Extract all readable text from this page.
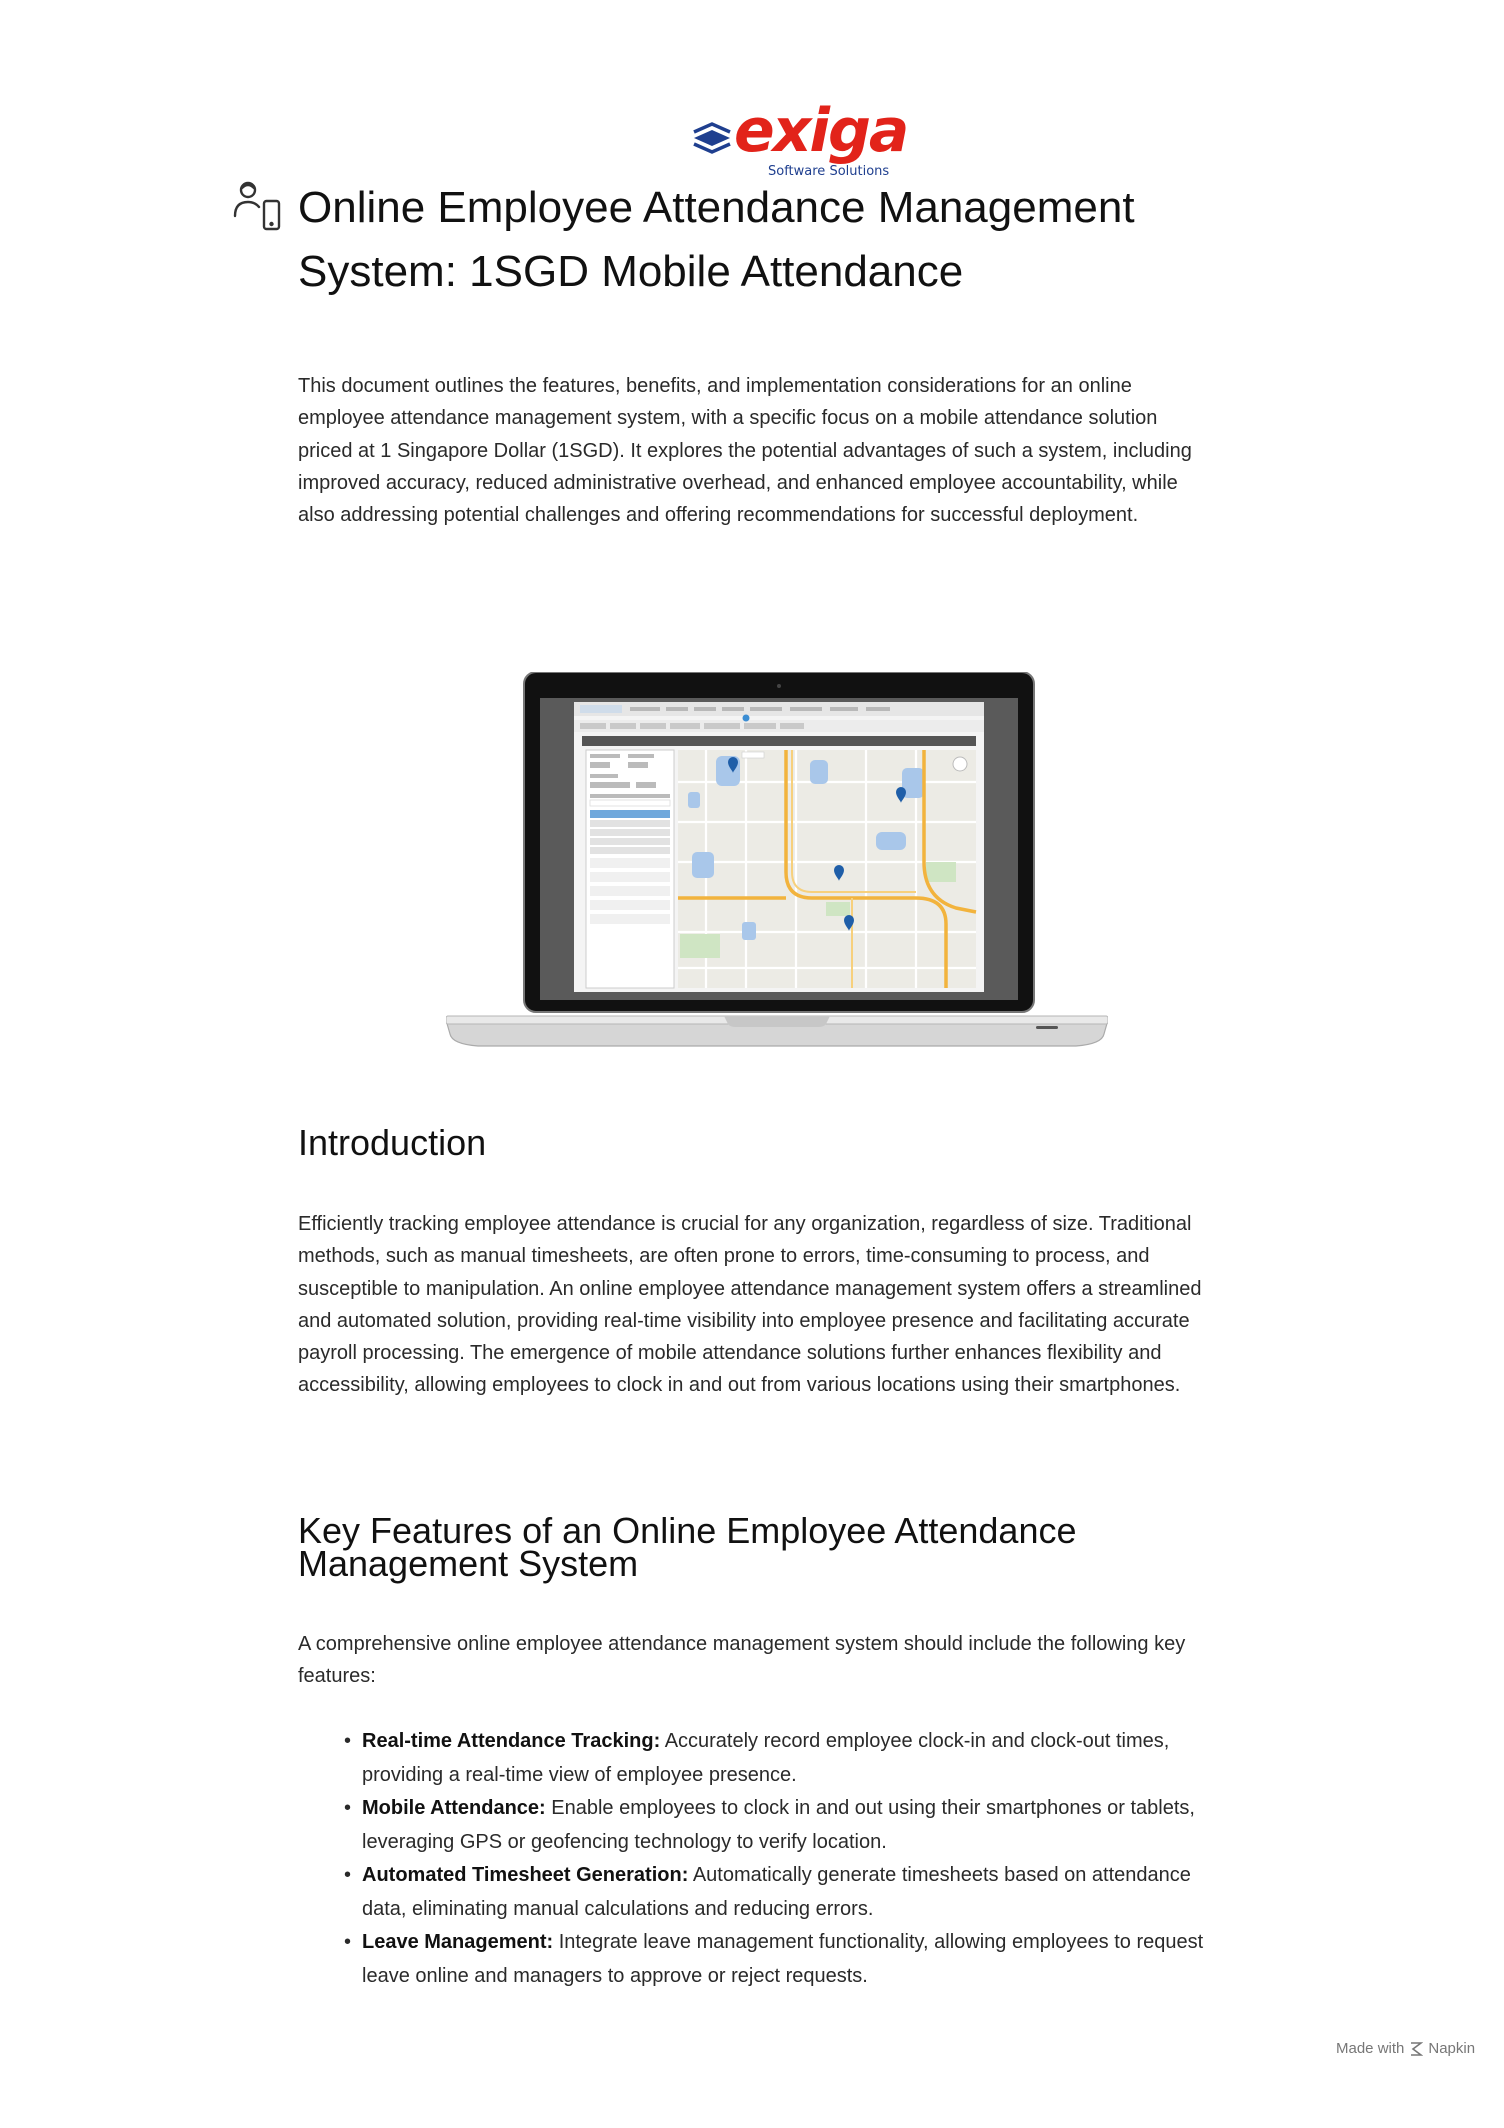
exiga
Software Solutions
Online Employee Attendance Management System: 1SGD Mobile Attendance

This document outlines the features, benefits, and implementation considerations for an online employee attendance management system, with a specific focus on a mobile attendance solution priced at 1 Singapore Dollar (1SGD). It explores the potential advantages of such a system, including improved accuracy, reduced administrative overhead, and enhanced employee accountability, while also addressing potential challenges and offering recommendations for successful deployment.

Introduction

Efficiently tracking employee attendance is crucial for any organization, regardless of size. Traditional methods, such as manual timesheets, are often prone to errors, time-consuming to process, and susceptible to manipulation. An online employee attendance management system offers a streamlined and automated solution, providing real-time visibility into employee presence and facilitating accurate payroll processing. The emergence of mobile attendance solutions further enhances flexibility and accessibility, allowing employees to clock in and out from various locations using their smartphones.

Key Features of an Online Employee Attendance Management System

A comprehensive online employee attendance management system should include the following key features:

• Real-time Attendance Tracking: Accurately record employee clock-in and clock-out times, providing a real-time view of employee presence.
• Mobile Attendance: Enable employees to clock in and out using their smartphones or tablets, leveraging GPS or geofencing technology to verify location.
• Automated Timesheet Generation: Automatically generate timesheets based on attendance data, eliminating manual calculations and reducing errors.
• Leave Management: Integrate leave management functionality, allowing employees to request leave online and managers to approve or reject requests.
Made with Napkin
